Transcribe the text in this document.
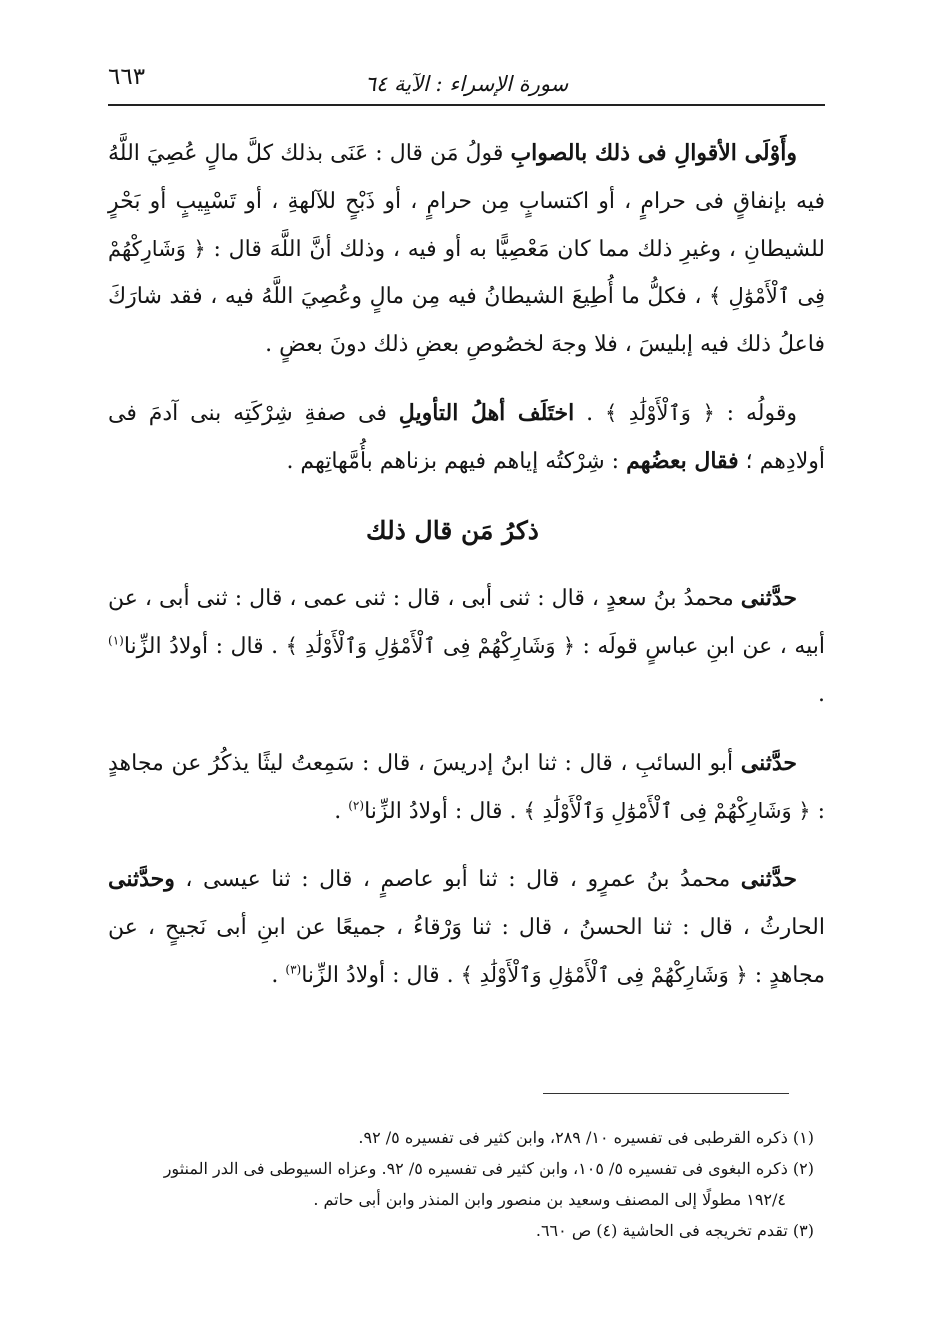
سورة الإسراء : الآية ٦٤
٦٦٣

وأَوْلَى الأقوالِ فى ذلك بالصوابِ قولُ مَن قال : عَنَى بذلك كلَّ مالٍ عُصِيَ اللَّهُ فيه بإنفاقٍ فى حرامٍ ، أو اكتسابٍ مِن حرامٍ ، أو ذَبْحٍ للآلهةِ ، أو تَسْيِيبٍ أو بَحْرٍ للشيطانِ ، وغيرِ ذلك مما كان مَعْصِيًّا به أو فيه ، وذلك أنَّ اللَّهَ قال : ﴿ وَشَارِكْهُمْ فِى ٱلْأَمْوَٰلِ ﴾ ، فكلُّ ما أُطِيعَ الشيطانُ فيه مِن مالٍ وعُصِيَ اللَّهُ فيه ، فقد شارَكَ فاعلُ ذلك فيه إبليسَ ، فلا وجهَ لخصُوصِ بعضِ ذلك دونَ بعضٍ .

وقولُه : ﴿ وَٱلْأَوْلَٰدِ ﴾ . اختَلَف أهلُ التأويلِ فى صفةِ شِرْكَتِه بنى آدمَ فى أولادِهم ؛ فقال بعضُهم : شِرْكتُه إياهم فيهم بزناهم بأُمَّهاتِهم .

ذكرُ مَن قال ذلك

حدَّثنى محمدُ بنُ سعدٍ ، قال : ثنى أبى ، قال : ثنى عمى ، قال : ثنى أبى ، عن أبيه ، عن ابنِ عباسٍ قولَه : ﴿ وَشَارِكْهُمْ فِى ٱلْأَمْوَٰلِ وَٱلْأَوْلَٰدِ ﴾ . قال : أولادُ الزِّنا$^{(١)}$ .

حدَّثنى أبو السائبِ ، قال : ثنا ابنُ إدريسَ ، قال : سَمِعتُ ليثًا يذكُرُ عن مجاهدٍ : ﴿ وَشَارِكْهُمْ فِى ٱلْأَمْوَٰلِ وَٱلْأَوْلَٰدِ ﴾ . قال : أولادُ الزِّنا$^{(٢)}$ .

حدَّثنى محمدُ بنُ عمرٍو ، قال : ثنا أبو عاصمٍ ، قال : ثنا عيسى ، وحدَّثنى الحارثُ ، قال : ثنا الحسنُ ، قال : ثنا وَرْقاءُ ، جميعًا عن ابنِ أبى نَجيحٍ ، عن مجاهدٍ : ﴿ وَشَارِكْهُمْ فِى ٱلْأَمْوَٰلِ وَٱلْأَوْلَٰدِ ﴾ . قال : أولادُ الزِّنا$^{(٣)}$ .

(١) ذكره القرطبى فى تفسيره ١٠/ ٢٨٩، وابن كثير فى تفسيره ٥/ ٩٢.
(٢) ذكره البغوى فى تفسيره ٥/ ١٠٥، وابن كثير فى تفسيره ٥/ ٩٢. وعزاه السيوطى فى الدر المنثور
١٩٢/٤ مطولًا إلى المصنف وسعيد بن منصور وابن المنذر وابن أبى حاتم .
(٣) تقدم تخريجه فى الحاشية (٤) ص ٦٦٠.
